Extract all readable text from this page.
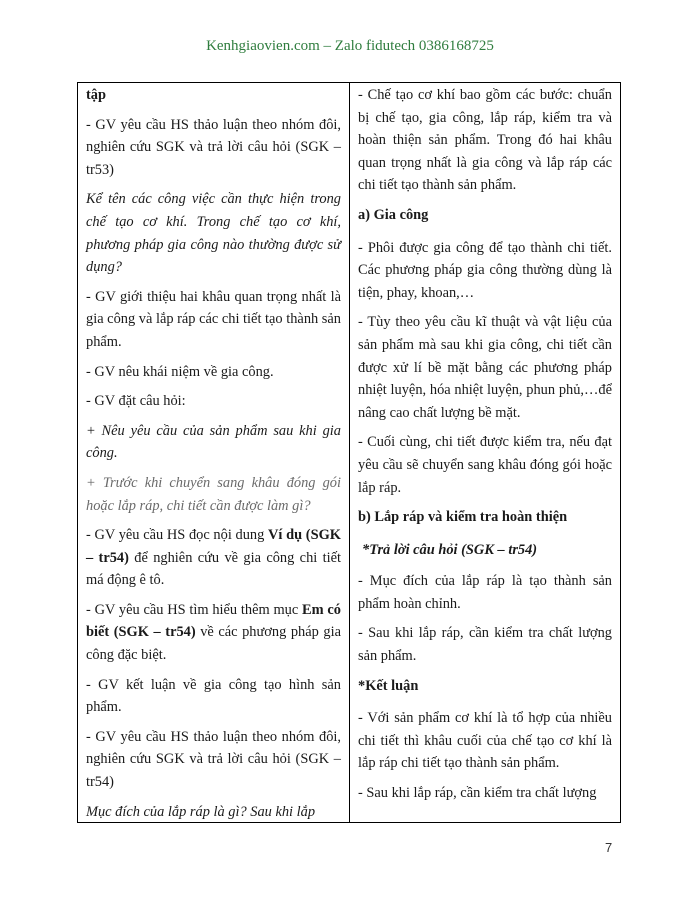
Kenhgiaovien.com – Zalo fidutech 0386168725

tập

- GV yêu cầu HS thảo luận theo nhóm đôi, nghiên cứu SGK và trả lời câu hỏi (SGK – tr53)

Kể tên các công việc cần thực hiện trong chế tạo cơ khí. Trong chế tạo cơ khí, phương pháp gia công nào thường được sử dụng?

- GV giới thiệu hai khâu quan trọng nhất là gia công và lắp ráp các chi tiết tạo thành sản phẩm.

- GV nêu khái niệm về gia công.

- GV đặt câu hỏi:

+ Nêu yêu cầu của sản phẩm sau khi gia công.

+ Trước khi chuyển sang khâu đóng gói hoặc lắp ráp, chi tiết cần được làm gì?

- GV yêu cầu HS đọc nội dung Ví dụ (SGK – tr54) để nghiên cứu về gia công chi tiết má động ê tô.

- GV yêu cầu HS tìm hiểu thêm mục Em có biết (SGK – tr54) về các phương pháp gia công đặc biệt.

- GV kết luận về gia công tạo hình sản phẩm.

- GV yêu cầu HS thảo luận theo nhóm đôi, nghiên cứu SGK và trả lời câu hỏi (SGK – tr54)

Mục đích của lắp ráp là gì? Sau khi lắp

- Chế tạo cơ khí bao gồm các bước: chuẩn bị chế tạo, gia công, lắp ráp, kiểm tra và hoàn thiện sản phẩm. Trong đó hai khâu quan trọng nhất là gia công và lắp ráp các chi tiết tạo thành sản phẩm.

a) Gia công

- Phôi được gia công để tạo thành chi tiết. Các phương pháp gia công thường dùng là tiện, phay, khoan,…

- Tùy theo yêu cầu kĩ thuật và vật liệu của sản phẩm mà sau khi gia công, chi tiết cần được xử lí bề mặt bằng các phương pháp nhiệt luyện, hóa nhiệt luyện, phun phủ,…để nâng cao chất lượng bề mặt.

- Cuối cùng, chi tiết được kiểm tra, nếu đạt yêu cầu sẽ chuyển sang khâu đóng gói hoặc lắp ráp.

b) Lắp ráp và kiểm tra hoàn thiện

*Trả lời câu hỏi (SGK – tr54)

- Mục đích của lắp ráp là tạo thành sản phẩm hoàn chỉnh.

- Sau khi lắp ráp, cần kiểm tra chất lượng sản phẩm.

*Kết luận

- Với sản phẩm cơ khí là tổ hợp của nhiều chi tiết thì khâu cuối của chế tạo cơ khí là lắp ráp chi tiết tạo thành sản phẩm.

- Sau khi lắp ráp, cần kiểm tra chất lượng

7
